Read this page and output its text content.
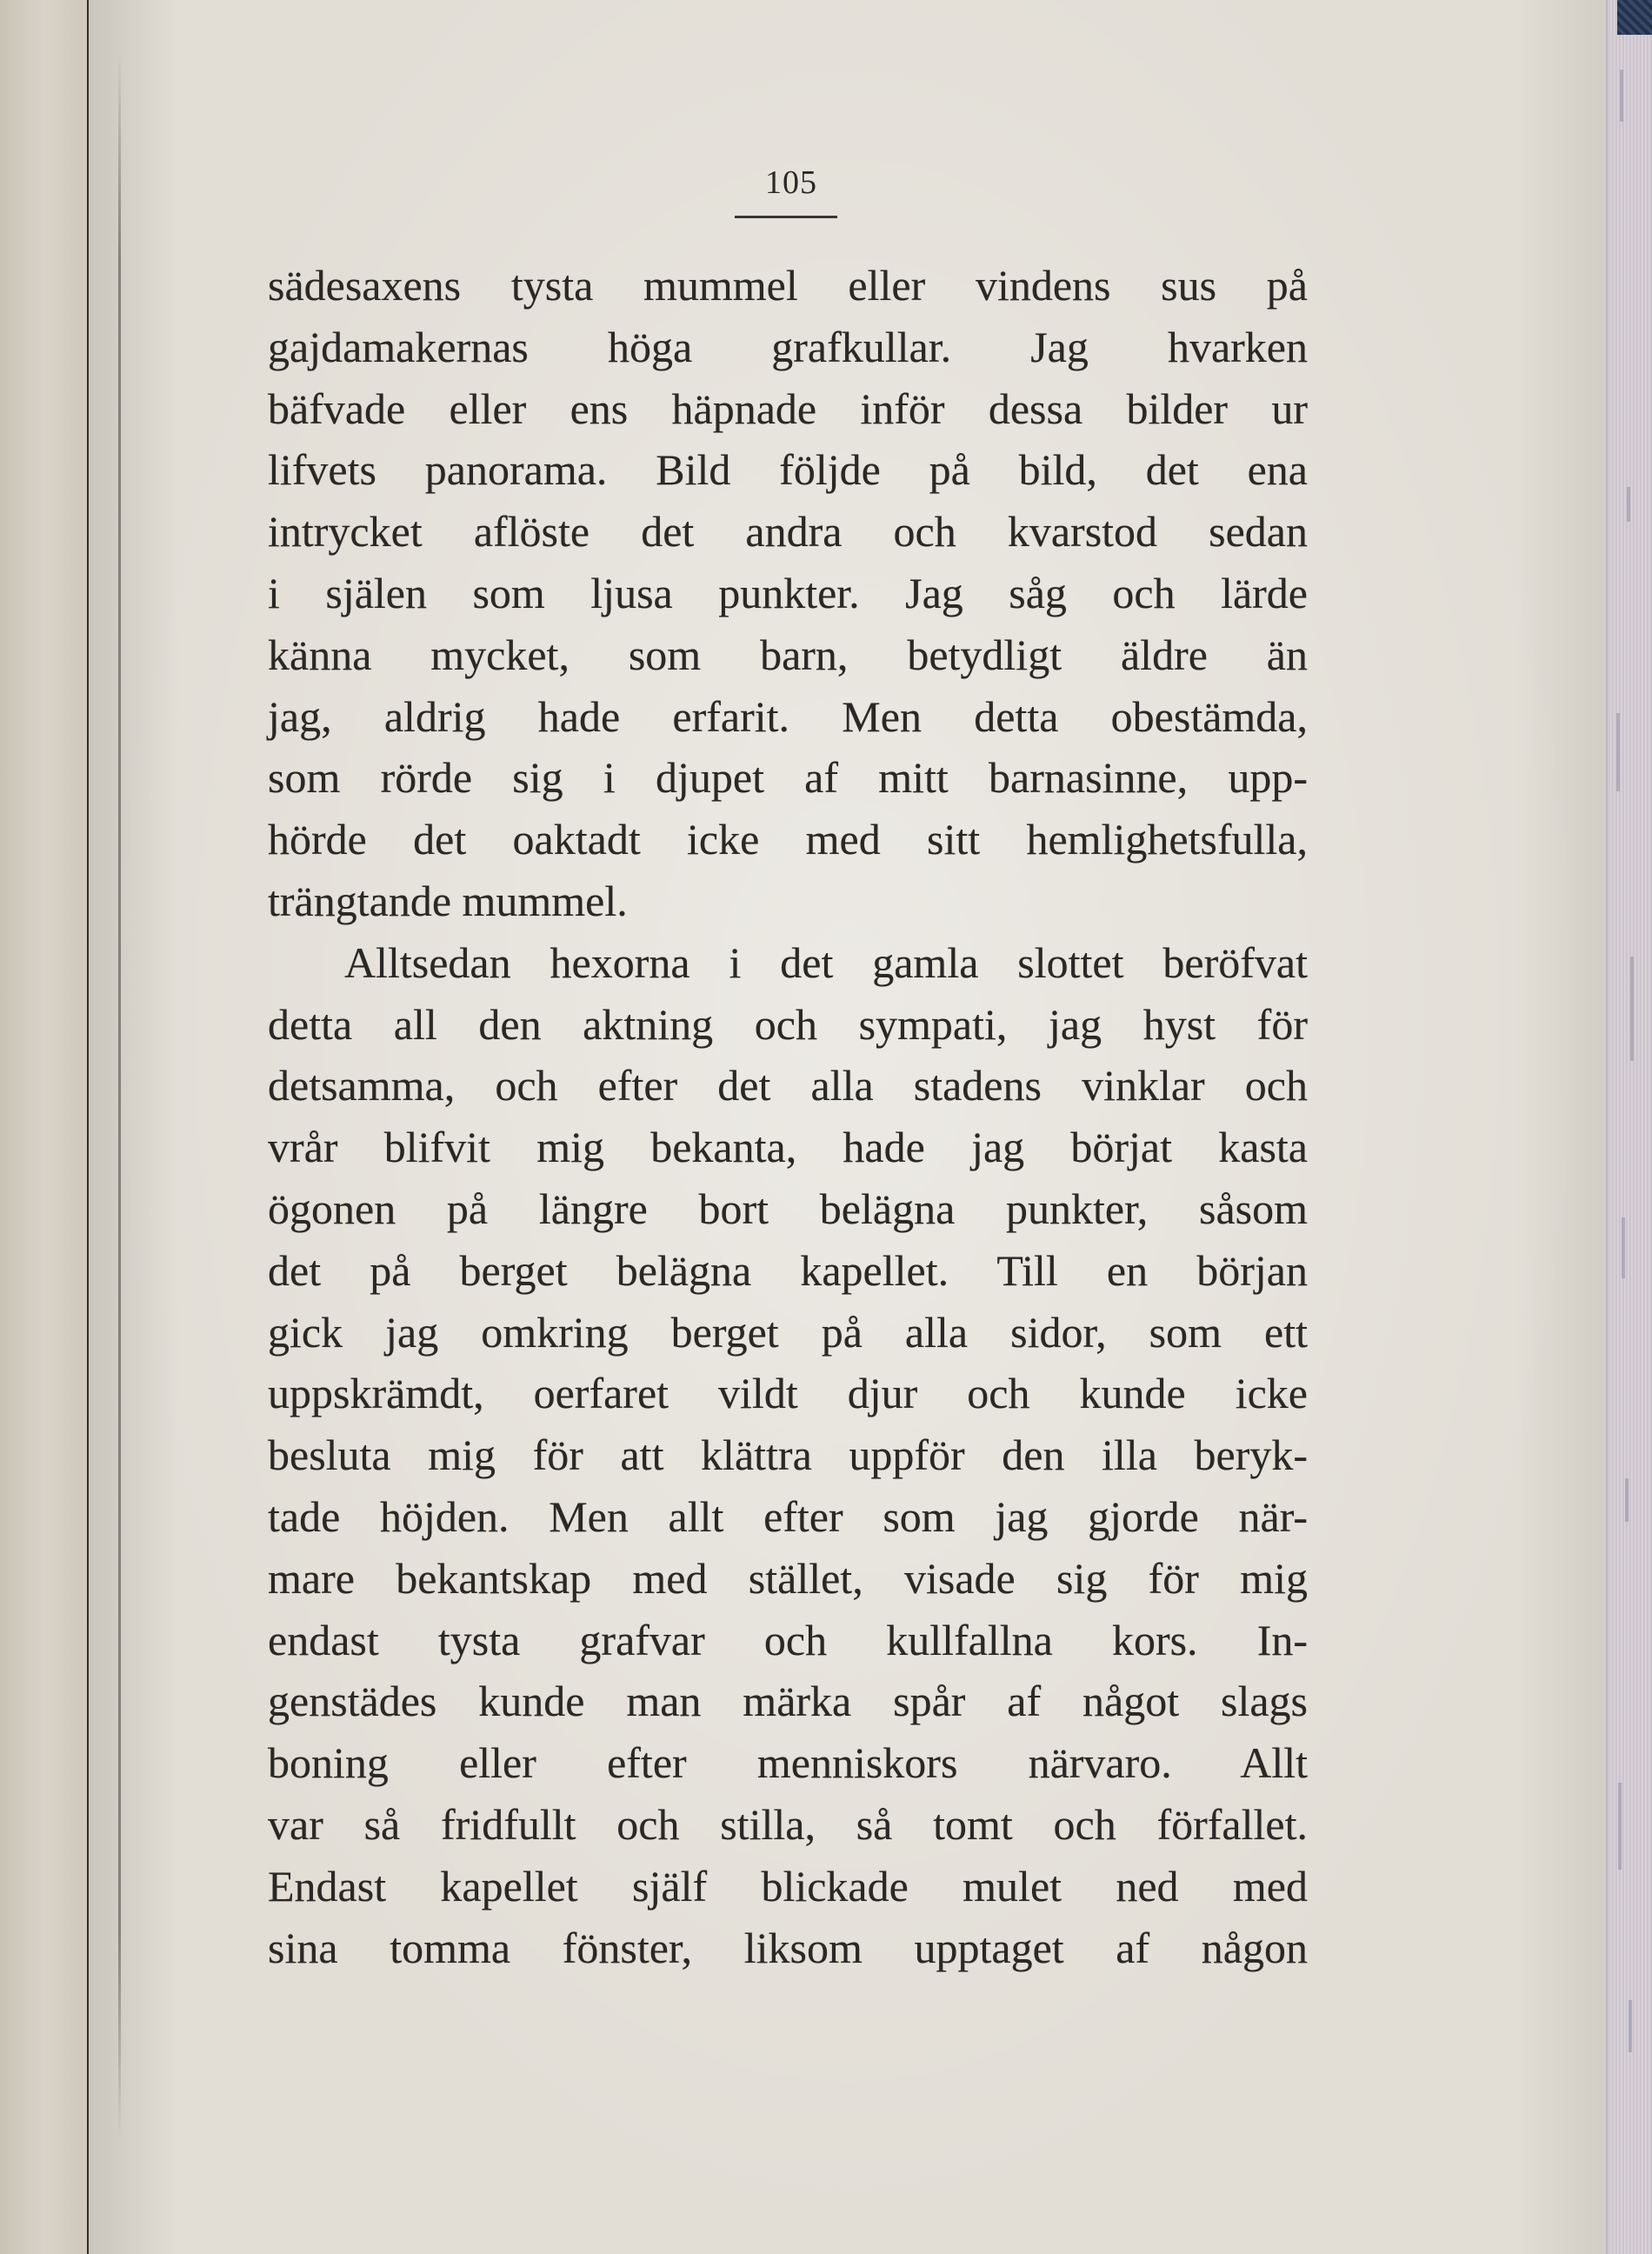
105
sädesaxens tysta mummel eller vindens sus på
gajdamakernas höga grafkullar. Jag hvarken
bäfvade eller ens häpnade inför dessa bilder ur
lifvets panorama. Bild följde på bild, det ena
intrycket aflöste det andra och kvarstod sedan
i själen som ljusa punkter. Jag såg och lärde
känna mycket, som barn, betydligt äldre än
jag, aldrig hade erfarit. Men detta obestämda,
som rörde sig i djupet af mitt barnasinne, upp-
hörde det oaktadt icke med sitt hemlighetsfulla,
trängtande mummel.
Alltsedan hexorna i det gamla slottet beröfvat
detta all den aktning och sympati, jag hyst för
detsamma, och efter det alla stadens vinklar och
vrår blifvit mig bekanta, hade jag börjat kasta
ögonen på längre bort belägna punkter, såsom
det på berget belägna kapellet. Till en början
gick jag omkring berget på alla sidor, som ett
uppskrämdt, oerfaret vildt djur och kunde icke
besluta mig för att klättra uppför den illa beryk-
tade höjden. Men allt efter som jag gjorde när-
mare bekantskap med stället, visade sig för mig
endast tysta grafvar och kullfallna kors. In-
genstädes kunde man märka spår af något slags
boning eller efter menniskors närvaro. Allt
var så fridfullt och stilla, så tomt och förfallet.
Endast kapellet själf blickade mulet ned med
sina tomma fönster, liksom upptaget af någon
